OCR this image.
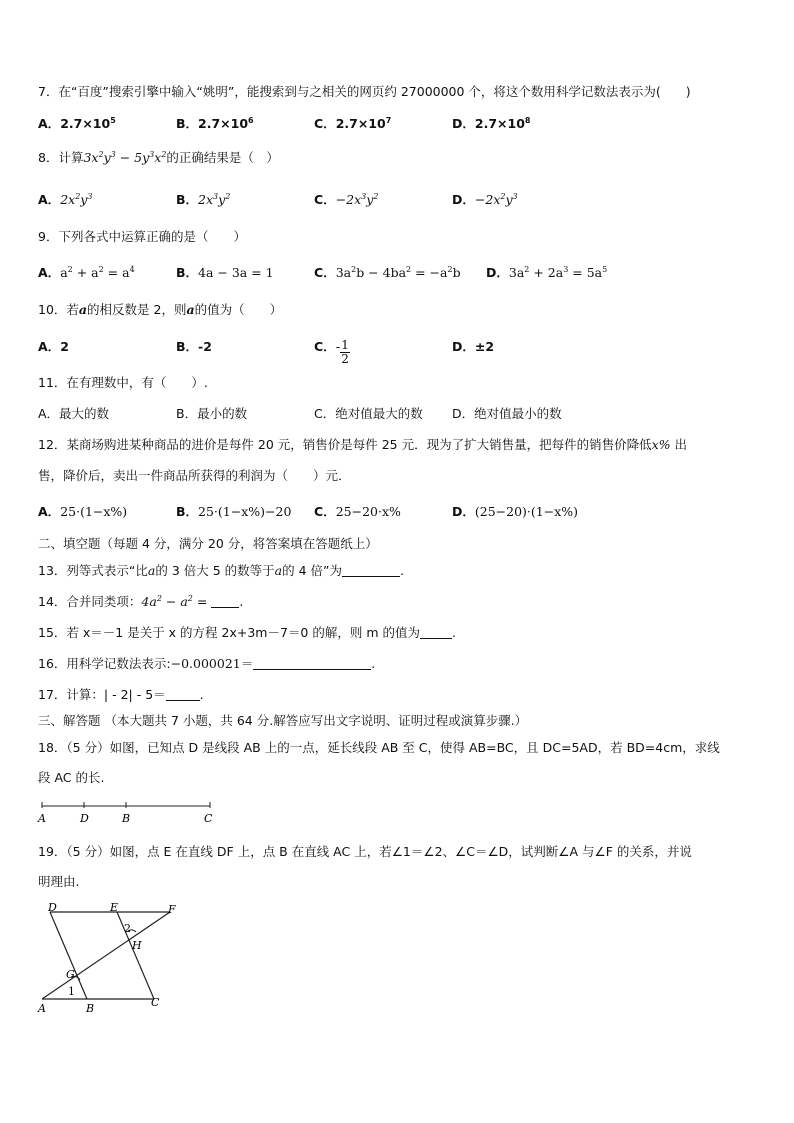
7．在“百度”搜索引擎中输入“姚明”，能搜索到与之相关的网页约 27000000 个，将这个数用科学记数法表示为(　　)
A．$2.7\times 10^5$	B．$2.7\times 10^6$	C．$2.7\times 10^7$	D．$2.7\times 10^8$
8．计算$3x^2y^3 - 5y^3x^2$的正确结果是（　）
A．$2x^2y^3$	B．$2x^3y^2$	C．$-2x^3y^2$	D．$-2x^2y^3$
9．下列各式中运算正确的是（　　）
A．$a^2 + a^2 = a^4$	B．4a − 3a = 1	C．$3a^2b - 4ba^2 = -a^2b$ D．$3a^2 + 2a^3 = 5a^5$
10．若a的相反数是 2，则a的值为（　　）
A．2	B．-2	C．- $\frac{1}{2}$	D．±2
11．在有理数中，有（　　）.
A．最大的数	B．最小的数	C．绝对值最大的数 D．绝对值最小的数
12．某商场购进某种商品的进价是每件 20 元，销售价是每件 25 元．现为了扩大销售量，把每件的销售价降低x% 出
售，降价后，卖出一件商品所获得的利润为（　　）元．
A．25·(1−x%)	B．25·(1−x%)−20 C．25−20·x%	D．(25−20)·(1−x%)
二、填空题（每题 4 分，满分 20 分，将答案填在答题纸上）
13．列等式表示“比a的 3 倍大 5 的数等于a的 4 倍”为	.
14．合并同类项：$4a^2 - a^2$ =	.
15．若 x＝－1 是关于 x 的方程 2x+3m－7＝0 的解，则 m 的值为	.
16．用科学记数法表示:−0.000021＝	.
17．计算：| - 2| - 5＝	.
三、解答题 （本大题共 7 小题，共 64 分.解答应写出文字说明、证明过程或演算步骤.）
18．（5 分）如图，已知点 D 是线段 AB 上的一点，延长线段 AB 至 C，使得 AB=BC，且 DC=5AD，若 BD=4cm，求线
段 AC 的长.
A	D	B	C
19．（5 分）如图，点 E 在直线 DF 上，点 B 在直线 AC 上，若∠1＝∠2、∠C＝∠D，试判断∠A 与∠F 的关系，并说
明理由.
D	E	F
2
H
G
1
A	B	C
